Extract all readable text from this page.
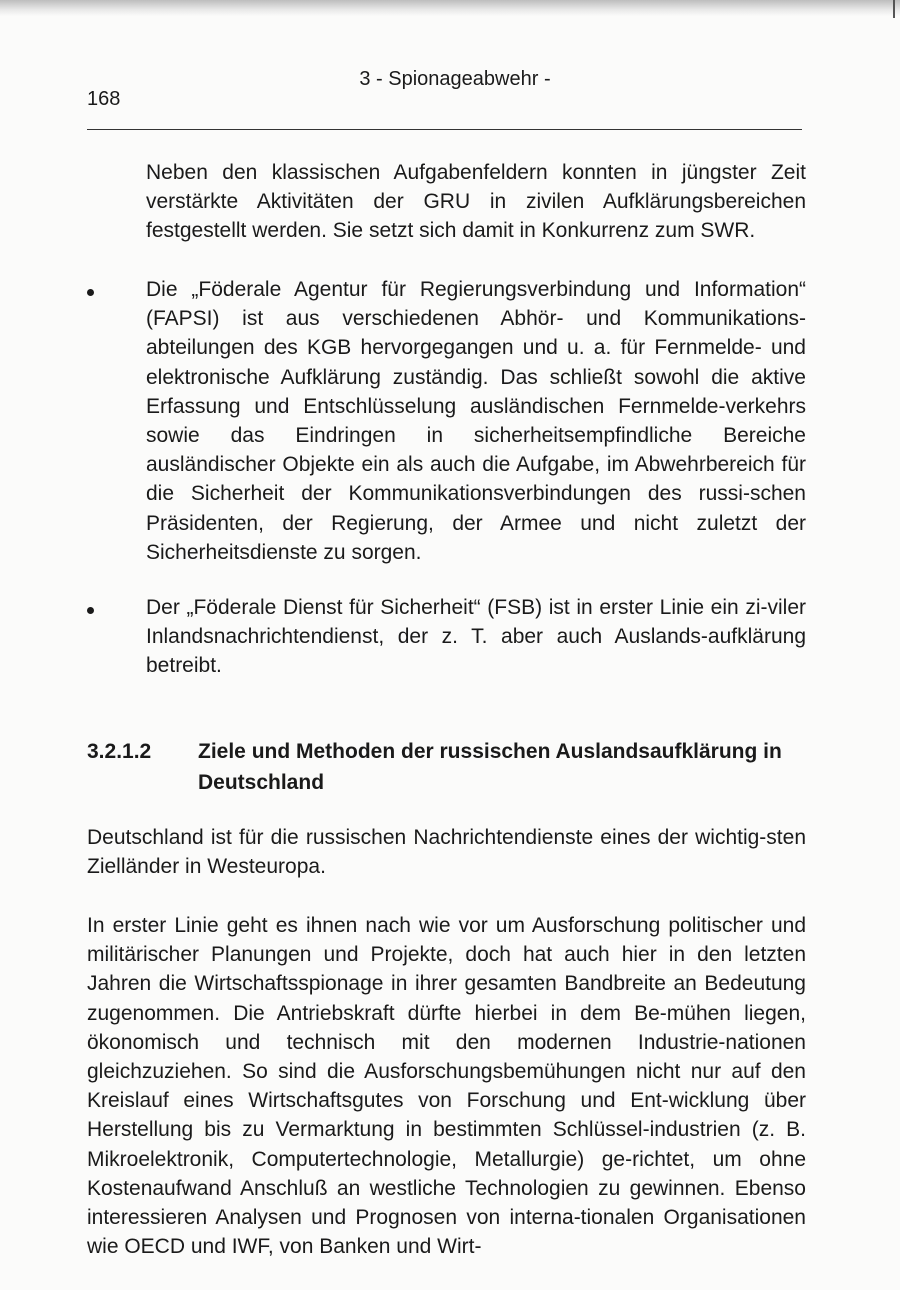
168
3 - Spionageabwehr -
Neben den klassischen Aufgabenfeldern konnten in jüngster Zeit verstärkte Aktivitäten der GRU in zivilen Aufklärungsbereichen festgestellt werden. Sie setzt sich damit in Konkurrenz zum SWR.
Die „Föderale Agentur für Regierungsverbindung und Information“ (FAPSI) ist aus verschiedenen Abhör- und Kommunikations-abteilungen des KGB hervorgegangen und u. a. für Fernmelde- und elektronische Aufklärung zuständig. Das schließt sowohl die aktive Erfassung und Entschlüsselung ausländischen Fernmelde-verkehrs sowie das Eindringen in sicherheitsempfindliche Bereiche ausländischer Objekte ein als auch die Aufgabe, im Abwehrbereich für die Sicherheit der Kommunikationsverbindungen des russi-schen Präsidenten, der Regierung, der Armee und nicht zuletzt der Sicherheitsdienste zu sorgen.
Der „Föderale Dienst für Sicherheit“ (FSB) ist in erster Linie ein zi-viler Inlandsnachrichtendienst, der z. T. aber auch Auslands-aufklärung betreibt.
3.2.1.2 Ziele und Methoden der russischen Auslandsaufklärung in Deutschland
Deutschland ist für die russischen Nachrichtendienste eines der wichtig-sten Zielländer in Westeuropa.
In erster Linie geht es ihnen nach wie vor um Ausforschung politischer und militärischer Planungen und Projekte, doch hat auch hier in den letzten Jahren die Wirtschaftsspionage in ihrer gesamten Bandbreite an Bedeutung zugenommen. Die Antriebskraft dürfte hierbei in dem Be-mühen liegen, ökonomisch und technisch mit den modernen Industrie-nationen gleichzuziehen. So sind die Ausforschungsbemühungen nicht nur auf den Kreislauf eines Wirtschaftsgutes von Forschung und Ent-wicklung über Herstellung bis zu Vermarktung in bestimmten Schlüssel-industrien (z. B. Mikroelektronik, Computertechnologie, Metallurgie) ge-richtet, um ohne Kostenaufwand Anschluß an westliche Technologien zu gewinnen. Ebenso interessieren Analysen und Prognosen von interna-tionalen Organisationen wie OECD und IWF, von Banken und Wirt-
